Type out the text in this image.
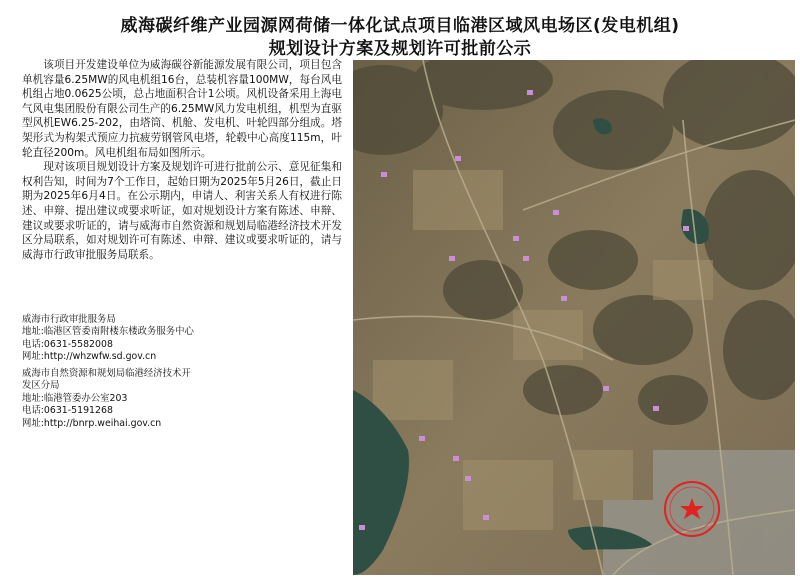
威海碳纤维产业园源网荷储一体化试点项目临港区域风电场区(发电机组)
规划设计方案及规划许可批前公示

该项目开发建设单位为威海碳谷新能源发展有限公司，项目包含单机容量6.25MW的风电机组16台，总装机容量100MW，每台风电机组占地0.0625公顷，总占地面积合计1公顷。风机设备采用上海电气风电集团股份有限公司生产的6.25MW风力发电机组，机型为直驱型风机EW6.25-202，由塔筒、机舱、发电机、叶轮四部分组成。塔架形式为构架式预应力抗疲劳钢管风电塔，轮毂中心高度115m，叶轮直径200m。风电机组布局如图所示。

现对该项目规划设计方案及规划许可进行批前公示、意见征集和权利告知，时间为7个工作日，起始日期为2025年5月26日，截止日期为2025年6月4日。在公示期内，申请人、利害关系人有权进行陈述、申辩、提出建议或要求听证，如对规划设计方案有陈述、申辩、建议或要求听证的，请与威海市自然资源和规划局临港经济技术开发区分局联系，如对规划许可有陈述、申辩、建议或要求听证的，请与威海市行政审批服务局联系。

威海市行政审批服务局
地址:临港区管委南附楼东楼政务服务中心
电话:0631-5582008
网址:http://whzwfw.sd.gov.cn
威海市自然资源和规划局临港经济技术开
发区分局
地址:临港管委办公室203
电话:0631-5191268
网址:http://bnrp.weihai.gov.cn
